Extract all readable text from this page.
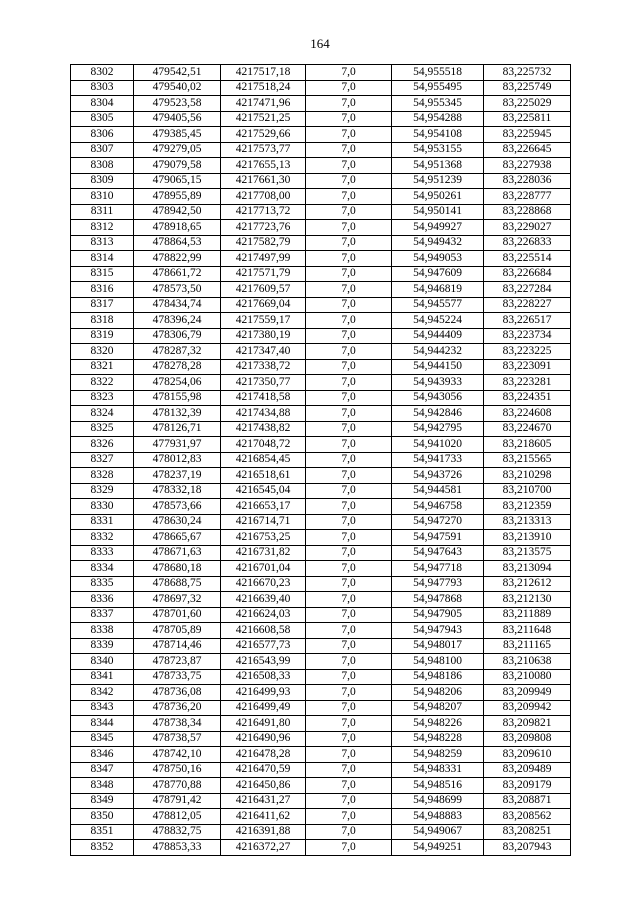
164
8302	479542,51	4217517,18	7,0	54,955518	83,225732
8303	479540,02	4217518,24	7,0	54,955495	83,225749
8304	479523,58	4217471,96	7,0	54,955345	83,225029
8305	479405,56	4217521,25	7,0	54,954288	83,225811
8306	479385,45	4217529,66	7,0	54,954108	83,225945
8307	479279,05	4217573,77	7,0	54,953155	83,226645
8308	479079,58	4217655,13	7,0	54,951368	83,227938
8309	479065,15	4217661,30	7,0	54,951239	83,228036
8310	478955,89	4217708,00	7,0	54,950261	83,228777
8311	478942,50	4217713,72	7,0	54,950141	83,228868
8312	478918,65	4217723,76	7,0	54,949927	83,229027
8313	478864,53	4217582,79	7,0	54,949432	83,226833
8314	478822,99	4217497,99	7,0	54,949053	83,225514
8315	478661,72	4217571,79	7,0	54,947609	83,226684
8316	478573,50	4217609,57	7,0	54,946819	83,227284
8317	478434,74	4217669,04	7,0	54,945577	83,228227
8318	478396,24	4217559,17	7,0	54,945224	83,226517
8319	478306,79	4217380,19	7,0	54,944409	83,223734
8320	478287,32	4217347,40	7,0	54,944232	83,223225
8321	478278,28	4217338,72	7,0	54,944150	83,223091
8322	478254,06	4217350,77	7,0	54,943933	83,223281
8323	478155,98	4217418,58	7,0	54,943056	83,224351
8324	478132,39	4217434,88	7,0	54,942846	83,224608
8325	478126,71	4217438,82	7,0	54,942795	83,224670
8326	477931,97	4217048,72	7,0	54,941020	83,218605
8327	478012,83	4216854,45	7,0	54,941733	83,215565
8328	478237,19	4216518,61	7,0	54,943726	83,210298
8329	478332,18	4216545,04	7,0	54,944581	83,210700
8330	478573,66	4216653,17	7,0	54,946758	83,212359
8331	478630,24	4216714,71	7,0	54,947270	83,213313
8332	478665,67	4216753,25	7,0	54,947591	83,213910
8333	478671,63	4216731,82	7,0	54,947643	83,213575
8334	478680,18	4216701,04	7,0	54,947718	83,213094
8335	478688,75	4216670,23	7,0	54,947793	83,212612
8336	478697,32	4216639,40	7,0	54,947868	83,212130
8337	478701,60	4216624,03	7,0	54,947905	83,211889
8338	478705,89	4216608,58	7,0	54,947943	83,211648
8339	478714,46	4216577,73	7,0	54,948017	83,211165
8340	478723,87	4216543,99	7,0	54,948100	83,210638
8341	478733,75	4216508,33	7,0	54,948186	83,210080
8342	478736,08	4216499,93	7,0	54,948206	83,209949
8343	478736,20	4216499,49	7,0	54,948207	83,209942
8344	478738,34	4216491,80	7,0	54,948226	83,209821
8345	478738,57	4216490,96	7,0	54,948228	83,209808
8346	478742,10	4216478,28	7,0	54,948259	83,209610
8347	478750,16	4216470,59	7,0	54,948331	83,209489
8348	478770,88	4216450,86	7,0	54,948516	83,209179
8349	478791,42	4216431,27	7,0	54,948699	83,208871
8350	478812,05	4216411,62	7,0	54,948883	83,208562
8351	478832,75	4216391,88	7,0	54,949067	83,208251
8352	478853,33	4216372,27	7,0	54,949251	83,207943
